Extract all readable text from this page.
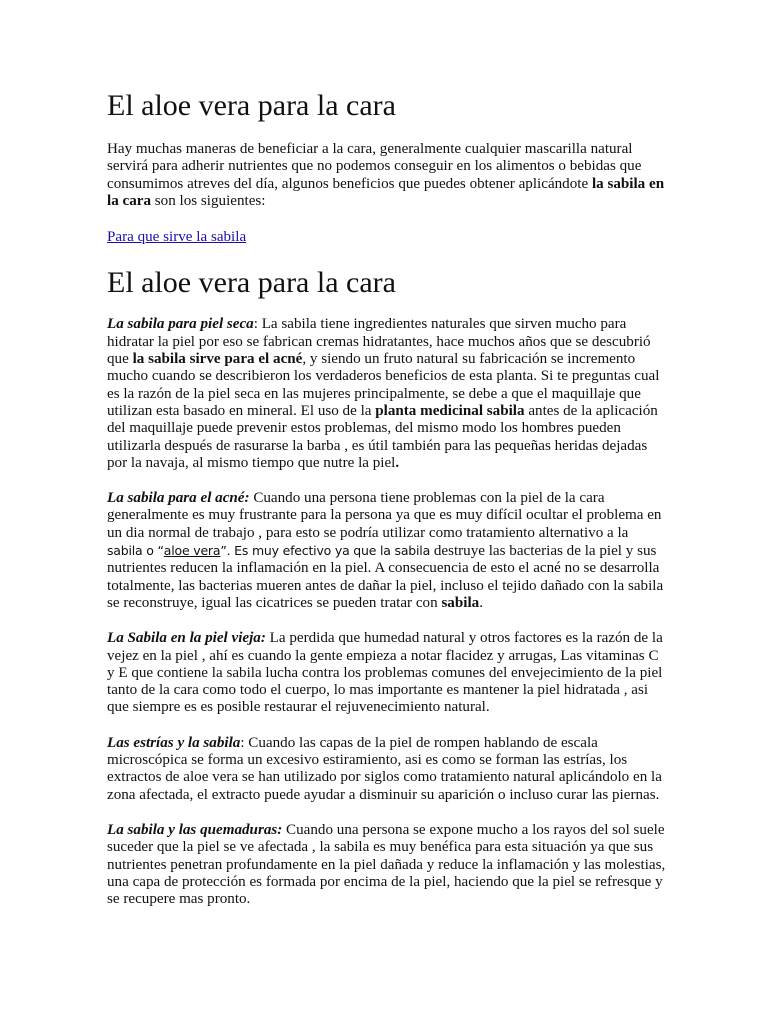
El aloe vera para la cara

Hay muchas maneras de beneficiar a la cara, generalmente cualquier mascarilla natural servirá para adherir nutrientes que no podemos conseguir en los alimentos o bebidas que consumimos atreves del día, algunos beneficios que puedes obtener aplicándote la sabila en la cara son los siguientes:

Para que sirve la sabila

El aloe vera para la cara

La sabila para piel seca: La sabila tiene ingredientes naturales que sirven mucho para hidratar la piel por eso se fabrican cremas hidratantes, hace muchos años que se descubrió que la sabila sirve para el acné, y siendo un fruto natural su fabricación se incremento mucho cuando se describieron los verdaderos beneficios de esta planta. Si te preguntas cual es la razón de la piel seca en las mujeres principalmente, se debe a que el maquillaje que utilizan esta basado en mineral. El uso de la planta medicinal sabila antes de la aplicación del maquillaje puede prevenir estos problemas, del mismo modo los hombres pueden utilizarla después de rasurarse la barba , es útil también para las pequeñas heridas dejadas por la navaja, al mismo tiempo que nutre la piel.

La sabila para el acné: Cuando una persona tiene problemas con la piel de la cara generalmente es muy frustrante para la persona ya que es muy difícil ocultar el problema en un dia normal de trabajo , para esto se podría utilizar como tratamiento alternativo a la sabila o “aloe vera”. Es muy efectivo ya que la sabila destruye las bacterias de la piel y sus nutrientes reducen la inflamación en la piel. A consecuencia de esto el acné no se desarrolla totalmente, las bacterias mueren antes de dañar la piel, incluso el tejido dañado con la sabila se reconstruye, igual las cicatrices se pueden tratar con sabila.

La Sabila en la piel vieja: La perdida que humedad natural y otros factores es la razón de la vejez en la piel , ahí es cuando la gente empieza a notar flacidez y arrugas, Las vitaminas C y E que contiene la sabila lucha contra los problemas comunes del envejecimiento de la piel tanto de la cara como todo el cuerpo, lo mas importante es mantener la piel hidratada , asi que siempre es es posible restaurar el rejuvenecimiento natural.

Las estrías y la sabila: Cuando las capas de la piel de rompen hablando de escala microscópica se forma un excesivo estiramiento, asi es como se forman las estrías, los extractos de aloe vera se han utilizado por siglos como tratamiento natural aplicándolo en la zona afectada, el extracto puede ayudar a disminuir su aparición o incluso curar las piernas.

La sabila y las quemaduras: Cuando una persona se expone mucho a los rayos del sol suele suceder que la piel se ve afectada , la sabila es muy benéfica para esta situación ya que sus nutrientes penetran profundamente en la piel dañada y reduce la inflamación y las molestias, una capa de protección es formada por encima de la piel, haciendo que la piel se refresque y se recupere mas pronto.
